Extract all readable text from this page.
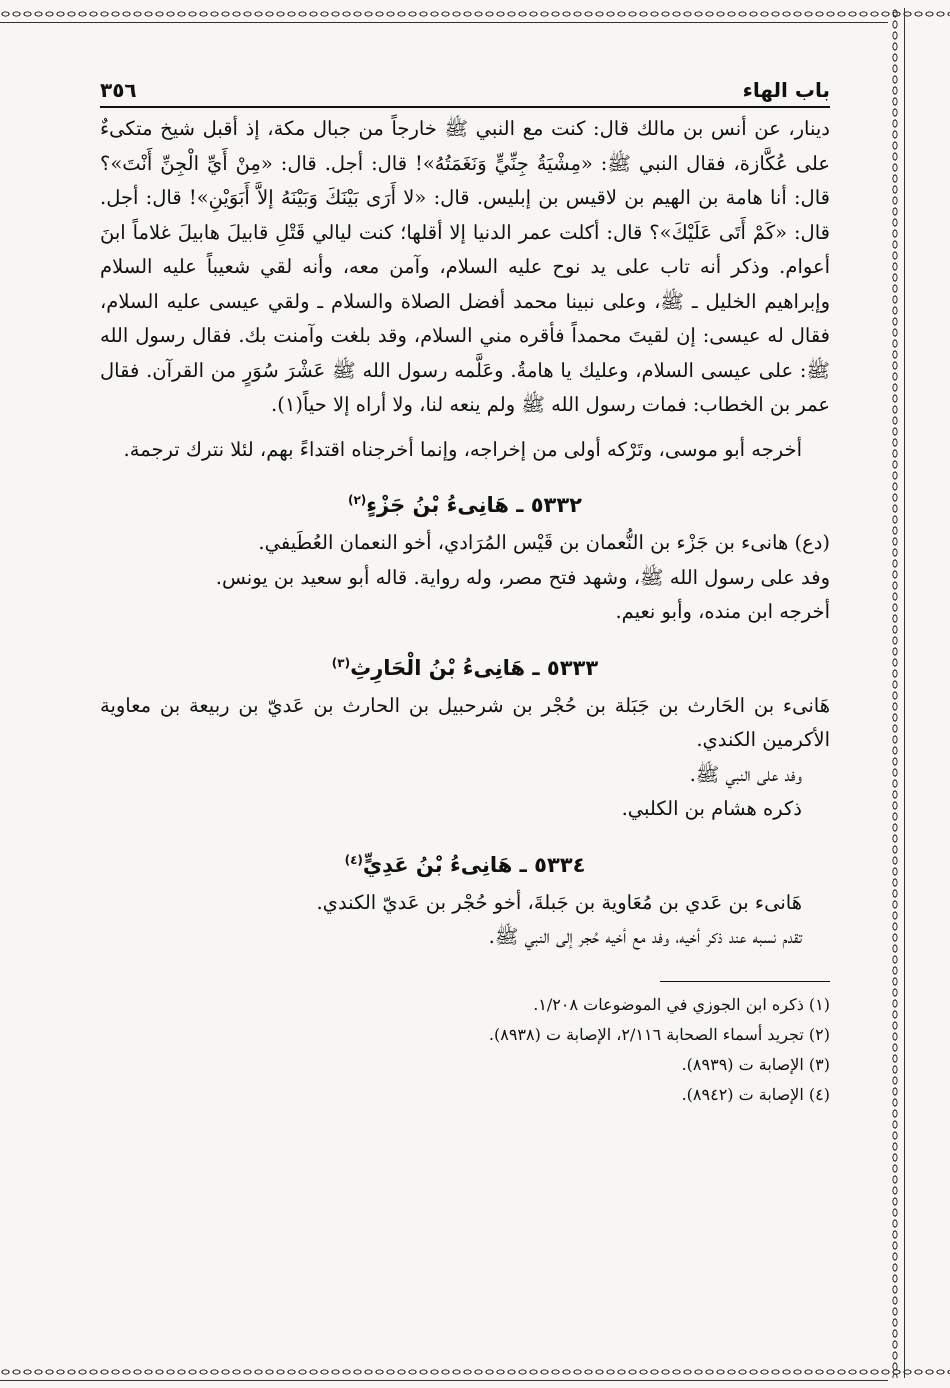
باب الهاء
٣٥٦

دينار، عن أنس بن مالك قال: كنت مع النبي ﷺ خارجاً من جبال مكة، إذ أقبل شيخ متكىءٌ على عُكَّازة، فقال النبي ﷺ: «مِشْيَةُ جِنِّيٍّ وَنَغَمَتُهُ»! قال: أجل. قال: «مِنْ أَيِّ الْجِنِّ أَنْتَ»؟ قال: أنا هامة بن الهيم بن لاقيس بن إبليس. قال: «لا أَرَى بَيْنَكَ وَبَيْنَهُ إلاَّ أَبَوَيْنِ»! قال: أجل. قال: «كَمْ أَتَى عَلَيْكَ»؟ قال: أكلت عمر الدنيا إلا أقلها؛ كنت ليالي قَتْلِ قابيلَ هابيلَ غلاماً ابنَ أعوام. وذكر أنه تاب على يد نوح عليه السلام، وآمن معه، وأنه لقي شعيباً عليه السلام وإبراهيم الخليل ـ ﷺ، وعلى نبينا محمد أفضل الصلاة والسلام ـ ولقي عيسى عليه السلام، فقال له عيسى: إن لقيتَ محمداً فأقره مني السلام، وقد بلغت وآمنت بك. فقال رسول الله ﷺ: على عيسى السلام، وعليك يا هامةُ. وعَلَّمه رسول الله ﷺ عَشْرَ سُوَرٍ من القرآن. فقال عمر بن الخطاب: فمات رسول الله ﷺ ولم ينعه لنا، ولا أراه إلا حياً(١).

أخرجه أبو موسى، وتَرْكه أولى من إخراجه، وإنما أخرجناه اقتداءً بهم، لئلا نترك ترجمة.

٥٣٣٢ ـ هَانِىءُ بْنُ جَزْءٍ$^{(٢)}$

(دع) هانىء بن جَزْء بن النُّعمان بن قَيْس المُرَادي، أخو النعمان العُطَيفي.

وفد على رسول الله ﷺ، وشهد فتح مصر، وله رواية. قاله أبو سعيد بن يونس.

أخرجه ابن منده، وأبو نعيم.

٥٣٣٣ ـ هَانِىءُ بْنُ الْحَارِثِ$^{(٣)}$

هَانىء بن الحَارث بن جَبَلة بن حُجْر بن شرحبيل بن الحارث بن عَديّ بن ربيعة بن معاوية الأكرمين الكندي.

وفد على النبي ﷺ.

ذكره هشام بن الكلبي.

٥٣٣٤ ـ هَانِىءُ بْنُ عَدِيٍّ$^{(٤)}$

هَانىء بن عَدي بن مُعَاوية بن جَبلةَ، أخو حُجْر بن عَديّ الكندي.

تقدم نسبه عند ذكر أخيه، وفد مع أخيه حُجر إلى النبي ﷺ.

(١) ذكره ابن الجوزي في الموضوعات ١/٢٠٨.

(٢) تجريد أسماء الصحابة ٢/١١٦، الإصابة ت (٨٩٣٨).

(٣) الإصابة ت (٨٩٣٩).

(٤) الإصابة ت (٨٩٤٢).
